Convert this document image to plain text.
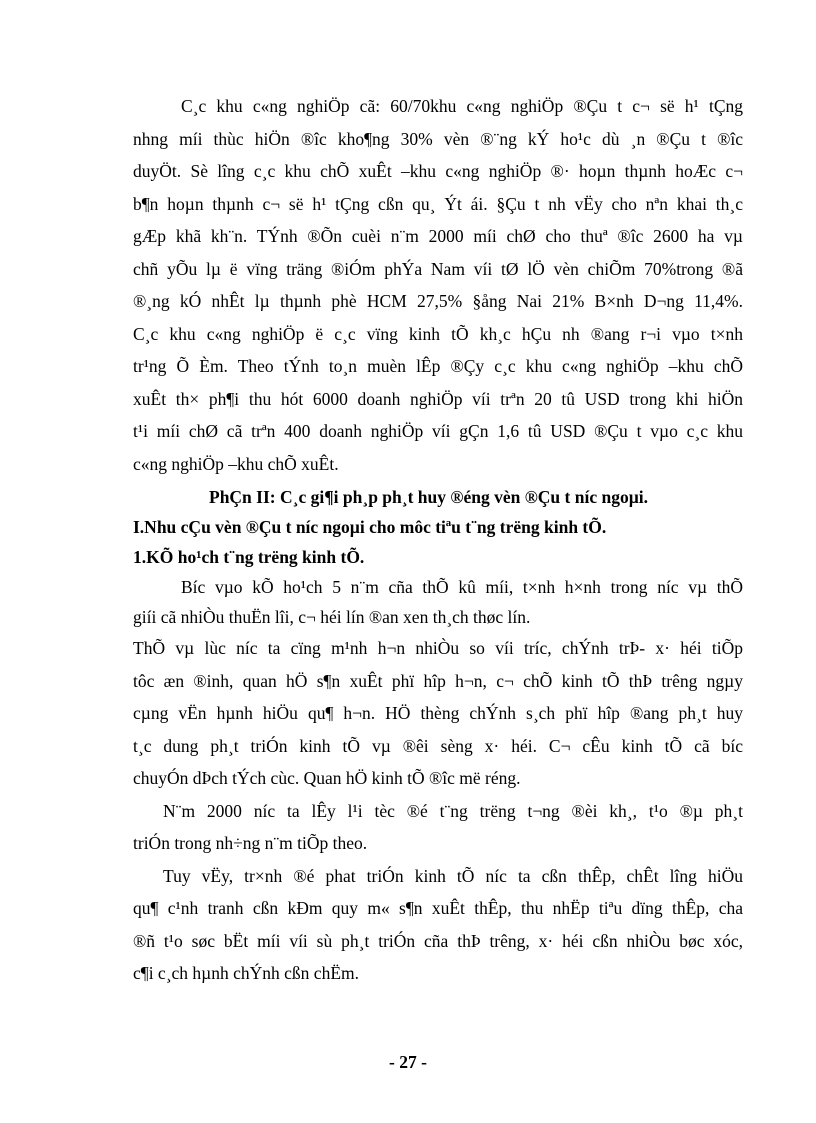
C¸c khu c«ng nghiÖp cã: 60/70khu c«ng nghiÖp ®Çu t c¬ së h¹ tÇng
nhng míi thùc hiÖn ®îc kho¶ng 30% vèn ®¨ng kÝ ho¹c dù ¸n ®Çu t ®îc
duyÖt. Sè lîng c¸c khu chÕ xuÊt –khu c«ng nghiÖp ®· hoµn thµnh hoÆc c¬
b¶n hoµn thµnh c¬ së h¹ tÇng cßn qu¸ Ýt ái. §Çu t nh vËy cho nªn khai th¸c
gÆp khã kh¨n. TÝnh ®Õn cuèi n¨m 2000 míi chØ cho thuª ®îc 2600 ha vµ
chñ yÕu lµ ë vïng träng ®iÓm phÝa Nam víi tØ lÖ vèn chiÕm 70%trong ®ã
®¸ng kÓ nhÊt lµ thµnh phè HCM 27,5% §ång Nai 21% B×nh D¬ng 11,4%.
C¸c khu c«ng nghiÖp ë c¸c vïng kinh tÕ kh¸c hÇu nh ®ang r¬i vµo t×nh
tr¹ng Õ Èm. Theo tÝnh to¸n muèn lÊp ®Çy c¸c khu c«ng nghiÖp –khu chÕ
xuÊt th× ph¶i thu hót 6000 doanh nghiÖp víi trªn 20 tû USD trong khi hiÖn
t¹i míi chØ cã trªn 400 doanh nghiÖp víi gÇn 1,6 tû USD ®Çu t vµo c¸c khu
c«ng nghiÖp –khu chÕ xuÊt.

PhÇn II: C¸c gi¶i ph¸p ph¸t huy ®éng vèn ®Çu t níc ngoµi.

I.Nhu cÇu vèn ®Çu t níc ngoµi cho môc tiªu t¨ng trëng kinh tÕ.

1.KÕ ho¹ch t¨ng trëng kinh tÕ.

Bíc vµo kÕ ho¹ch 5 n¨m cña thÕ kû míi, t×nh h×nh trong níc vµ thÕ
giíi cã nhiÒu thuËn lîi, c¬ héi lín ®an xen th¸ch thøc lín.
ThÕ vµ lùc níc ta cïng m¹nh h¬n nhiÒu so víi tríc, chÝnh trÞ- x· héi tiÕp
tôc æn ®inh, quan hÖ s¶n xuÊt phï hîp h¬n, c¬ chÕ kinh tÕ thÞ trêng ngµy
cµng vËn hµnh hiÖu qu¶ h¬n. HÖ thèng chÝnh s¸ch phï hîp ®ang ph¸t huy
t¸c dung ph¸t triÓn kinh tÕ vµ ®êi sèng x· héi. C¬ cÊu kinh tÕ cã bíc
chuyÓn dÞch tÝch cùc. Quan hÖ kinh tÕ ®îc më réng.
N¨m 2000 níc ta lÊy l¹i tèc ®é t¨ng trëng t¬ng ®èi kh¸, t¹o ®µ ph¸t
triÓn trong nh÷ng n¨m tiÕp theo.
Tuy vËy, tr×nh ®é phat triÓn kinh tÕ níc ta cßn thÊp, chÊt lîng hiÖu
qu¶ c¹nh tranh cßn kÐm quy m« s¶n xuÊt thÊp, thu nhËp tiªu dïng thÊp, cha
®ñ t¹o søc bËt míi víi sù ph¸t triÓn cña thÞ trêng, x· héi cßn nhiÒu bøc xóc,
c¶i c¸ch hµnh chÝnh cßn chËm.
- 27 -
